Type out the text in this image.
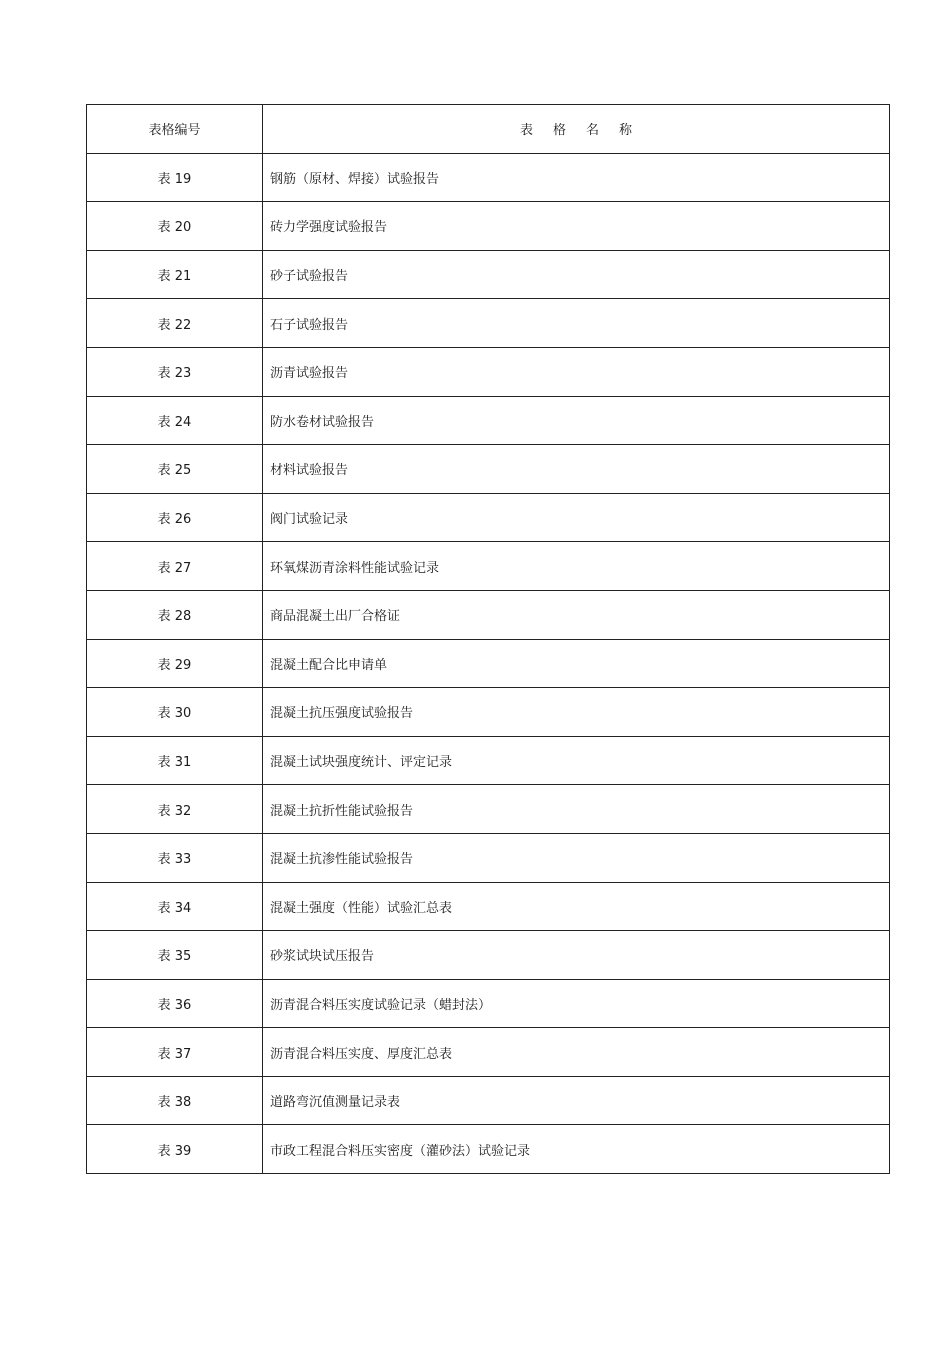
表格编号	表格名称
表 19	钢筋（原材、焊接）试验报告
表 20	砖力学强度试验报告
表 21	砂子试验报告
表 22	石子试验报告
表 23	沥青试验报告
表 24	防水卷材试验报告
表 25	材料试验报告
表 26	阀门试验记录
表 27	环氧煤沥青涂料性能试验记录
表 28	商品混凝土出厂合格证
表 29	混凝土配合比申请单
表 30	混凝土抗压强度试验报告
表 31	混凝土试块强度统计、评定记录
表 32	混凝土抗折性能试验报告
表 33	混凝土抗渗性能试验报告
表 34	混凝土强度（性能）试验汇总表
表 35	砂浆试块试压报告
表 36	沥青混合料压实度试验记录（蜡封法）
表 37	沥青混合料压实度、厚度汇总表
表 38	道路弯沉值测量记录表
表 39	市政工程混合料压实密度（灌砂法）试验记录
